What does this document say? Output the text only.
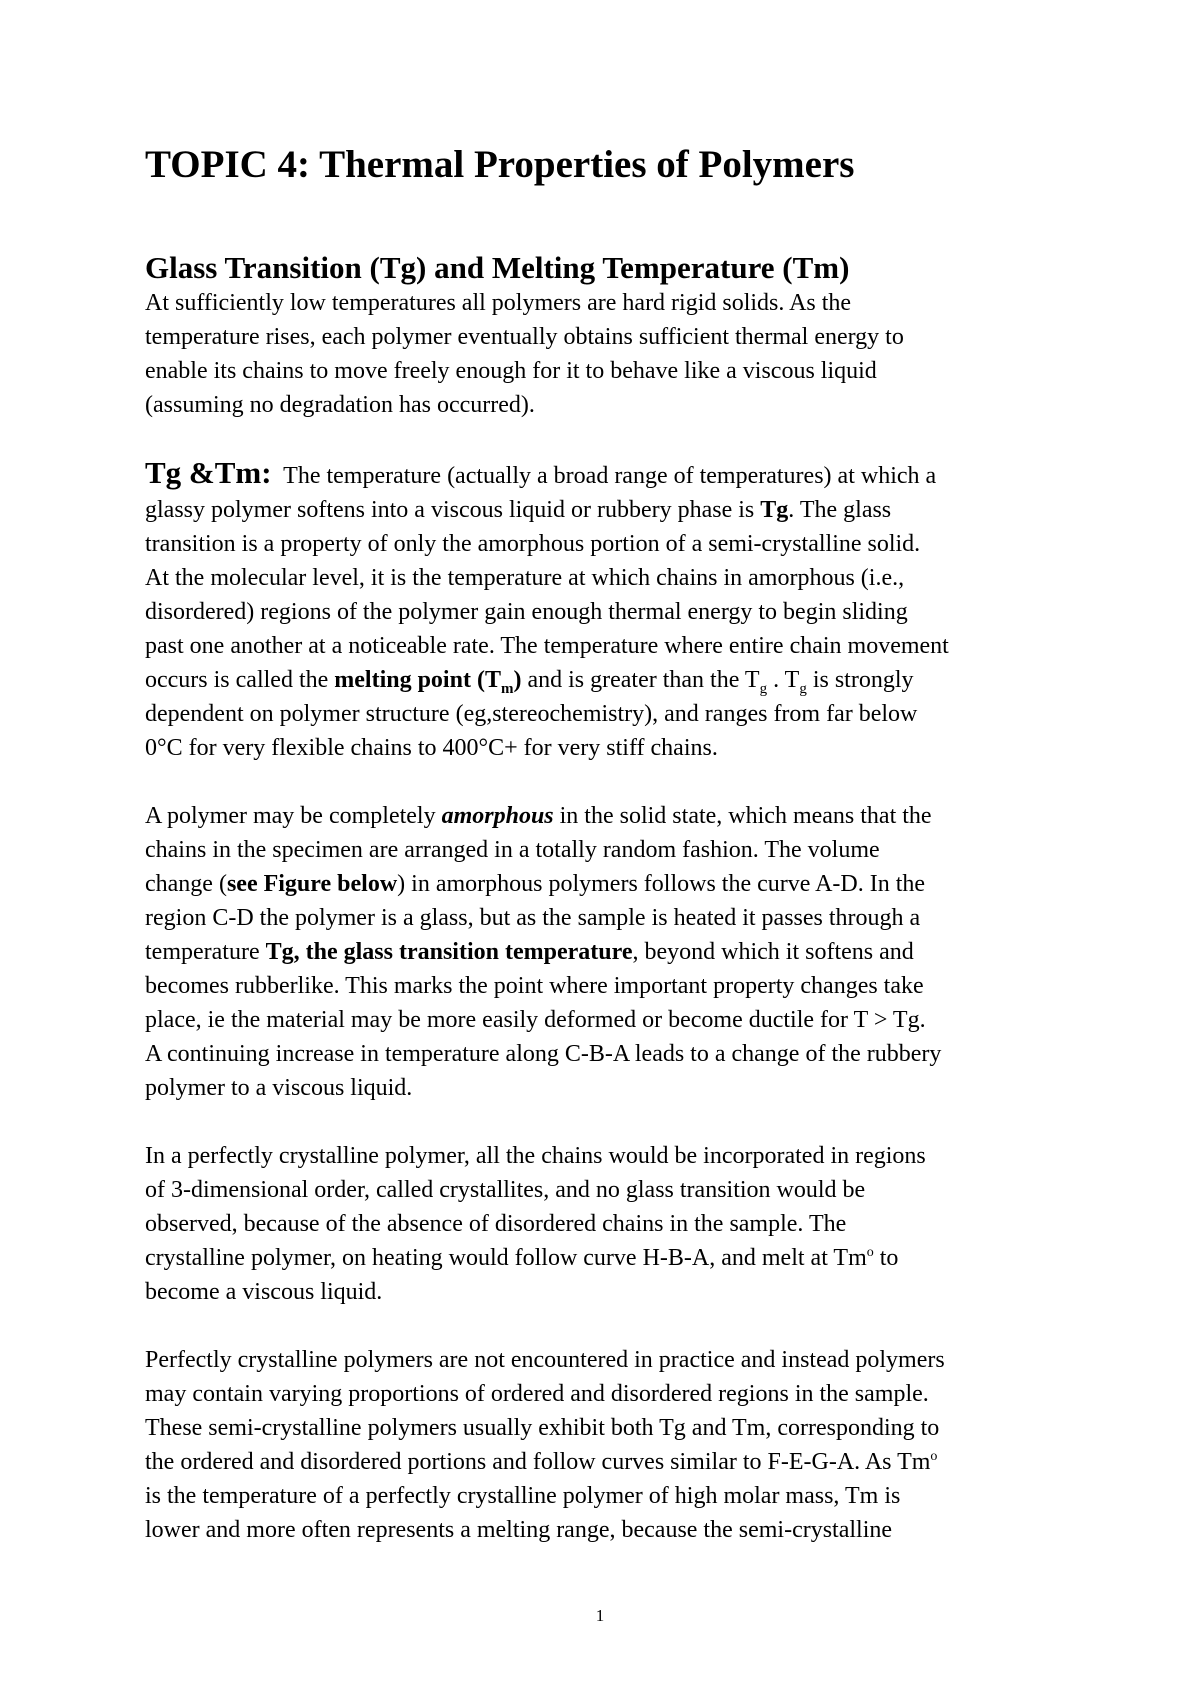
TOPIC 4: Thermal Properties of Polymers
Glass Transition (Tg) and Melting Temperature (Tm)

At sufficiently low temperatures all polymers are hard rigid solids. As the

temperature rises, each polymer eventually obtains sufficient thermal energy to

enable its chains to move freely enough for it to behave like a viscous liquid

(assuming no degradation has occurred).

Tg &Tm: The temperature (actually a broad range of temperatures) at which a

glassy polymer softens into a viscous liquid or rubbery phase is Tg. The glass

transition is a property of only the amorphous portion of a semi-crystalline solid.

At the molecular level, it is the temperature at which chains in amorphous (i.e.,

disordered) regions of the polymer gain enough thermal energy to begin sliding

past one another at a noticeable rate. The temperature where entire chain movement

occurs is called the melting point $(T_m)$ and is greater than the $T_g$ . $T_g$ is strongly

dependent on polymer structure (eg,stereochemistry), and ranges from far below

0°C for very flexible chains to 400°C+ for very stiff chains.

A polymer may be completely amorphous in the solid state, which means that the

chains in the specimen are arranged in a totally random fashion. The volume

change (see Figure below) in amorphous polymers follows the curve A-D. In the

region C-D the polymer is a glass, but as the sample is heated it passes through a

temperature Tg, the glass transition temperature, beyond which it softens and

becomes rubberlike. This marks the point where important property changes take

place, ie the material may be more easily deformed or become ductile for T > Tg.

A continuing increase in temperature along C-B-A leads to a change of the rubbery

polymer to a viscous liquid.

In a perfectly crystalline polymer, all the chains would be incorporated in regions

of 3-dimensional order, called crystallites, and no glass transition would be

observed, because of the absence of disordered chains in the sample. The

crystalline polymer, on heating would follow curve H-B-A, and melt at Tm$^o$ to

become a viscous liquid.

Perfectly crystalline polymers are not encountered in practice and instead polymers

may contain varying proportions of ordered and disordered regions in the sample.

These semi-crystalline polymers usually exhibit both Tg and Tm, corresponding to

the ordered and disordered portions and follow curves similar to F-E-G-A. As Tm$^o$

is the temperature of a perfectly crystalline polymer of high molar mass, Tm is

lower and more often represents a melting range, because the semi-crystalline

1
